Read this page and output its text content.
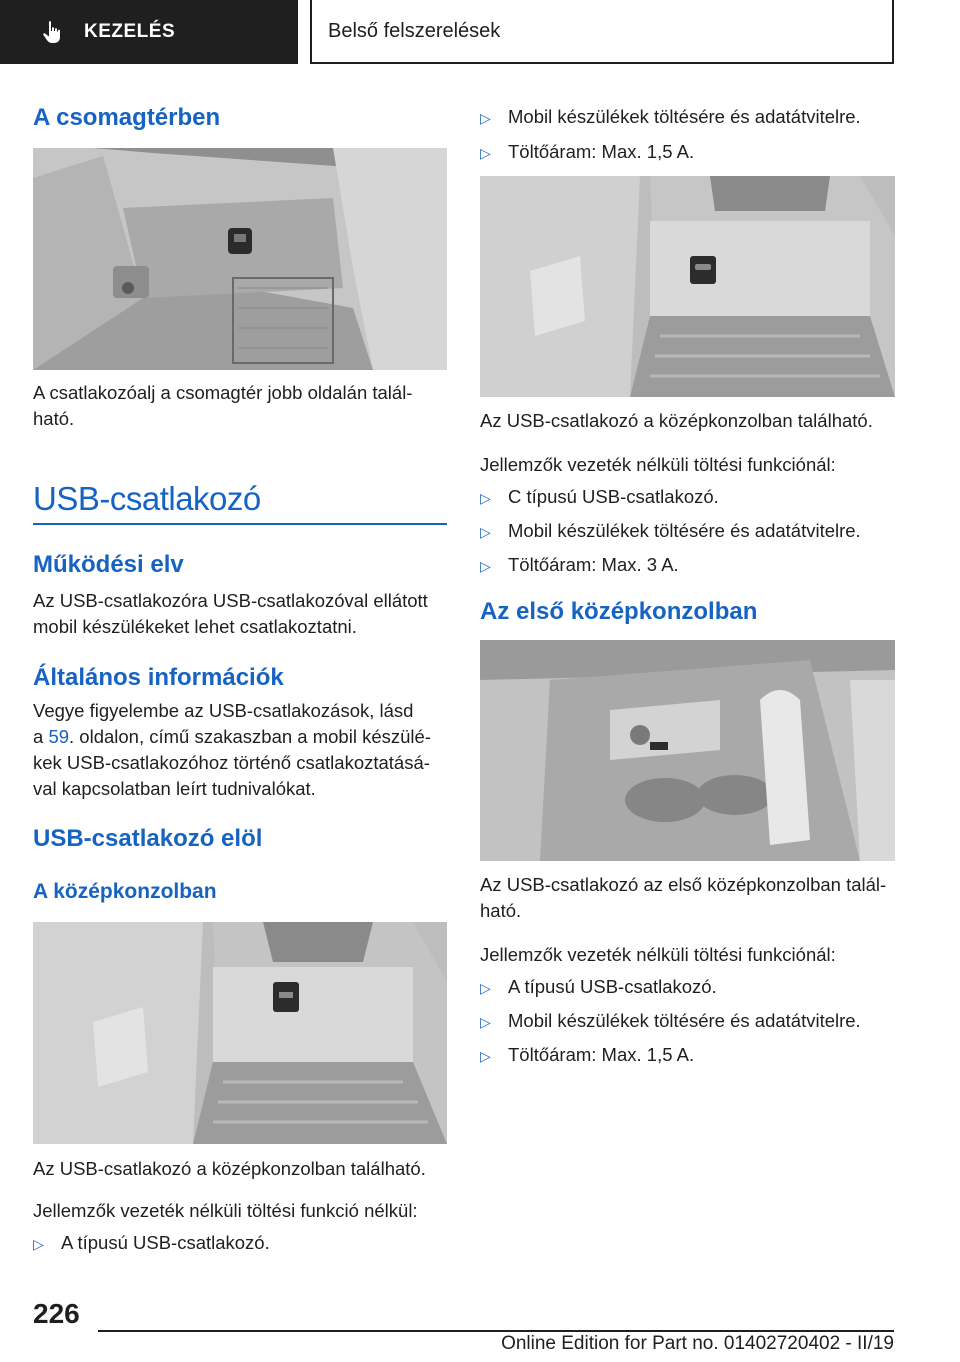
KEZELÉS	Belső felszerelések
A csomagtérben
A csatlakozóalj a csomagtér jobb oldalán talál-
ható.
USB-csatlakozó
Működési elv
Az USB-csatlakozóra USB-csatlakozóval ellátott
mobil készülékeket lehet csatlakoztatni.
Általános információk
Vegye figyelembe az USB-csatlakozások, lásd
a 59. oldalon, című szakaszban a mobil készülé-
kek USB-csatlakozóhoz történő csatlakoztatásá-
val kapcsolatban leírt tudnivalókat.
USB-csatlakozó elöl
A középkonzolban
Az USB-csatlakozó a középkonzolban található.
Jellemzők vezeték nélküli töltési funkció nélkül:
▷ A típusú USB-csatlakozó.
▷ Mobil készülékek töltésére és adatátvitelre.
▷ Töltőáram: Max. 1,5 A.
Az USB-csatlakozó a középkonzolban található.
Jellemzők vezeték nélküli töltési funkciónál:
▷ C típusú USB-csatlakozó.
▷ Mobil készülékek töltésére és adatátvitelre.
▷ Töltőáram: Max. 3 A.
Az első középkonzolban
Az USB-csatlakozó az első középkonzolban talál-
ható.
Jellemzők vezeték nélküli töltési funkciónál:
▷ A típusú USB-csatlakozó.
▷ Mobil készülékek töltésére és adatátvitelre.
▷ Töltőáram: Max. 1,5 A.
226
Online Edition for Part no. 01402720402 - II/19
